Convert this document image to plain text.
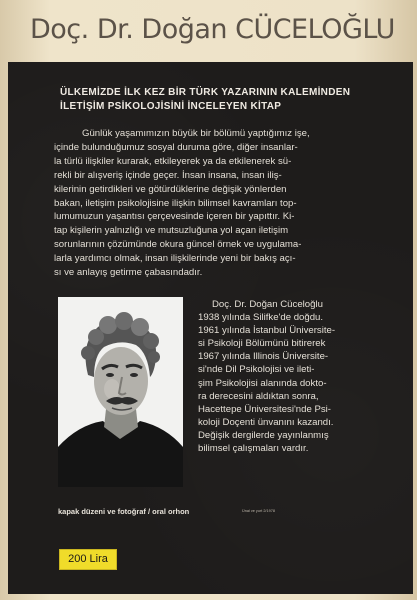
Doç. Dr. Doğan CÜCELOĞLU
ÜLKEMİZDE İLK KEZ BİR TÜRK YAZARININ KALEMİNDEN
İLETİŞİM PSİKOLOJİSİNİ İNCELEYEN KİTAP
Günlük yaşamımızın büyük bir bölümü yaptığımız işe,
içinde bulunduğumuz sosyal duruma göre, diğer insanlar-
la türlü ilişkiler kurarak, etkileyerek ya da etkilenerek sü-
rekli bir alışveriş içinde geçer. İnsan insana, insan iliş-
kilerinin getirdikleri ve götürdüklerine değişik yönlerden
bakan, iletişim psikolojisine ilişkin bilimsel kavramları top-
lumumuzun yaşantısı çerçevesinde içeren bir yapıttır. Ki-
tap kişilerin yalnızlığı ve mutsuzluğuna yol açan iletişim
sorunlarının çözümünde okura güncel örnek ve uygulama-
larla yardımcı olmak, insan ilişkilerinde yeni bir bakış açı-
sı ve anlayış getirme çabasındadır.
Doç. Dr. Doğan Cüceloğlu
1938 yılında Silifke'de doğdu.
1961 yılında İstanbul Üniversite-
si Psikoloji Bölümünü bitirerek
1967 yılında Illinois Üniversite-
si'nde Dil Psikolojisi ve ileti-
şim Psikolojisi alanında dokto-
ra derecesini aldıktan sonra,
Hacettepe Üniversitesi'nde Psi-
koloji Doçenti ünvanını kazandı.
Değişik dergilerde yayınlanmış
bilimsel çalışmaları vardır.
kapak düzeni ve fotoğraf / oral orhon	Ünal ve yurt 2/1978
200 Lira
